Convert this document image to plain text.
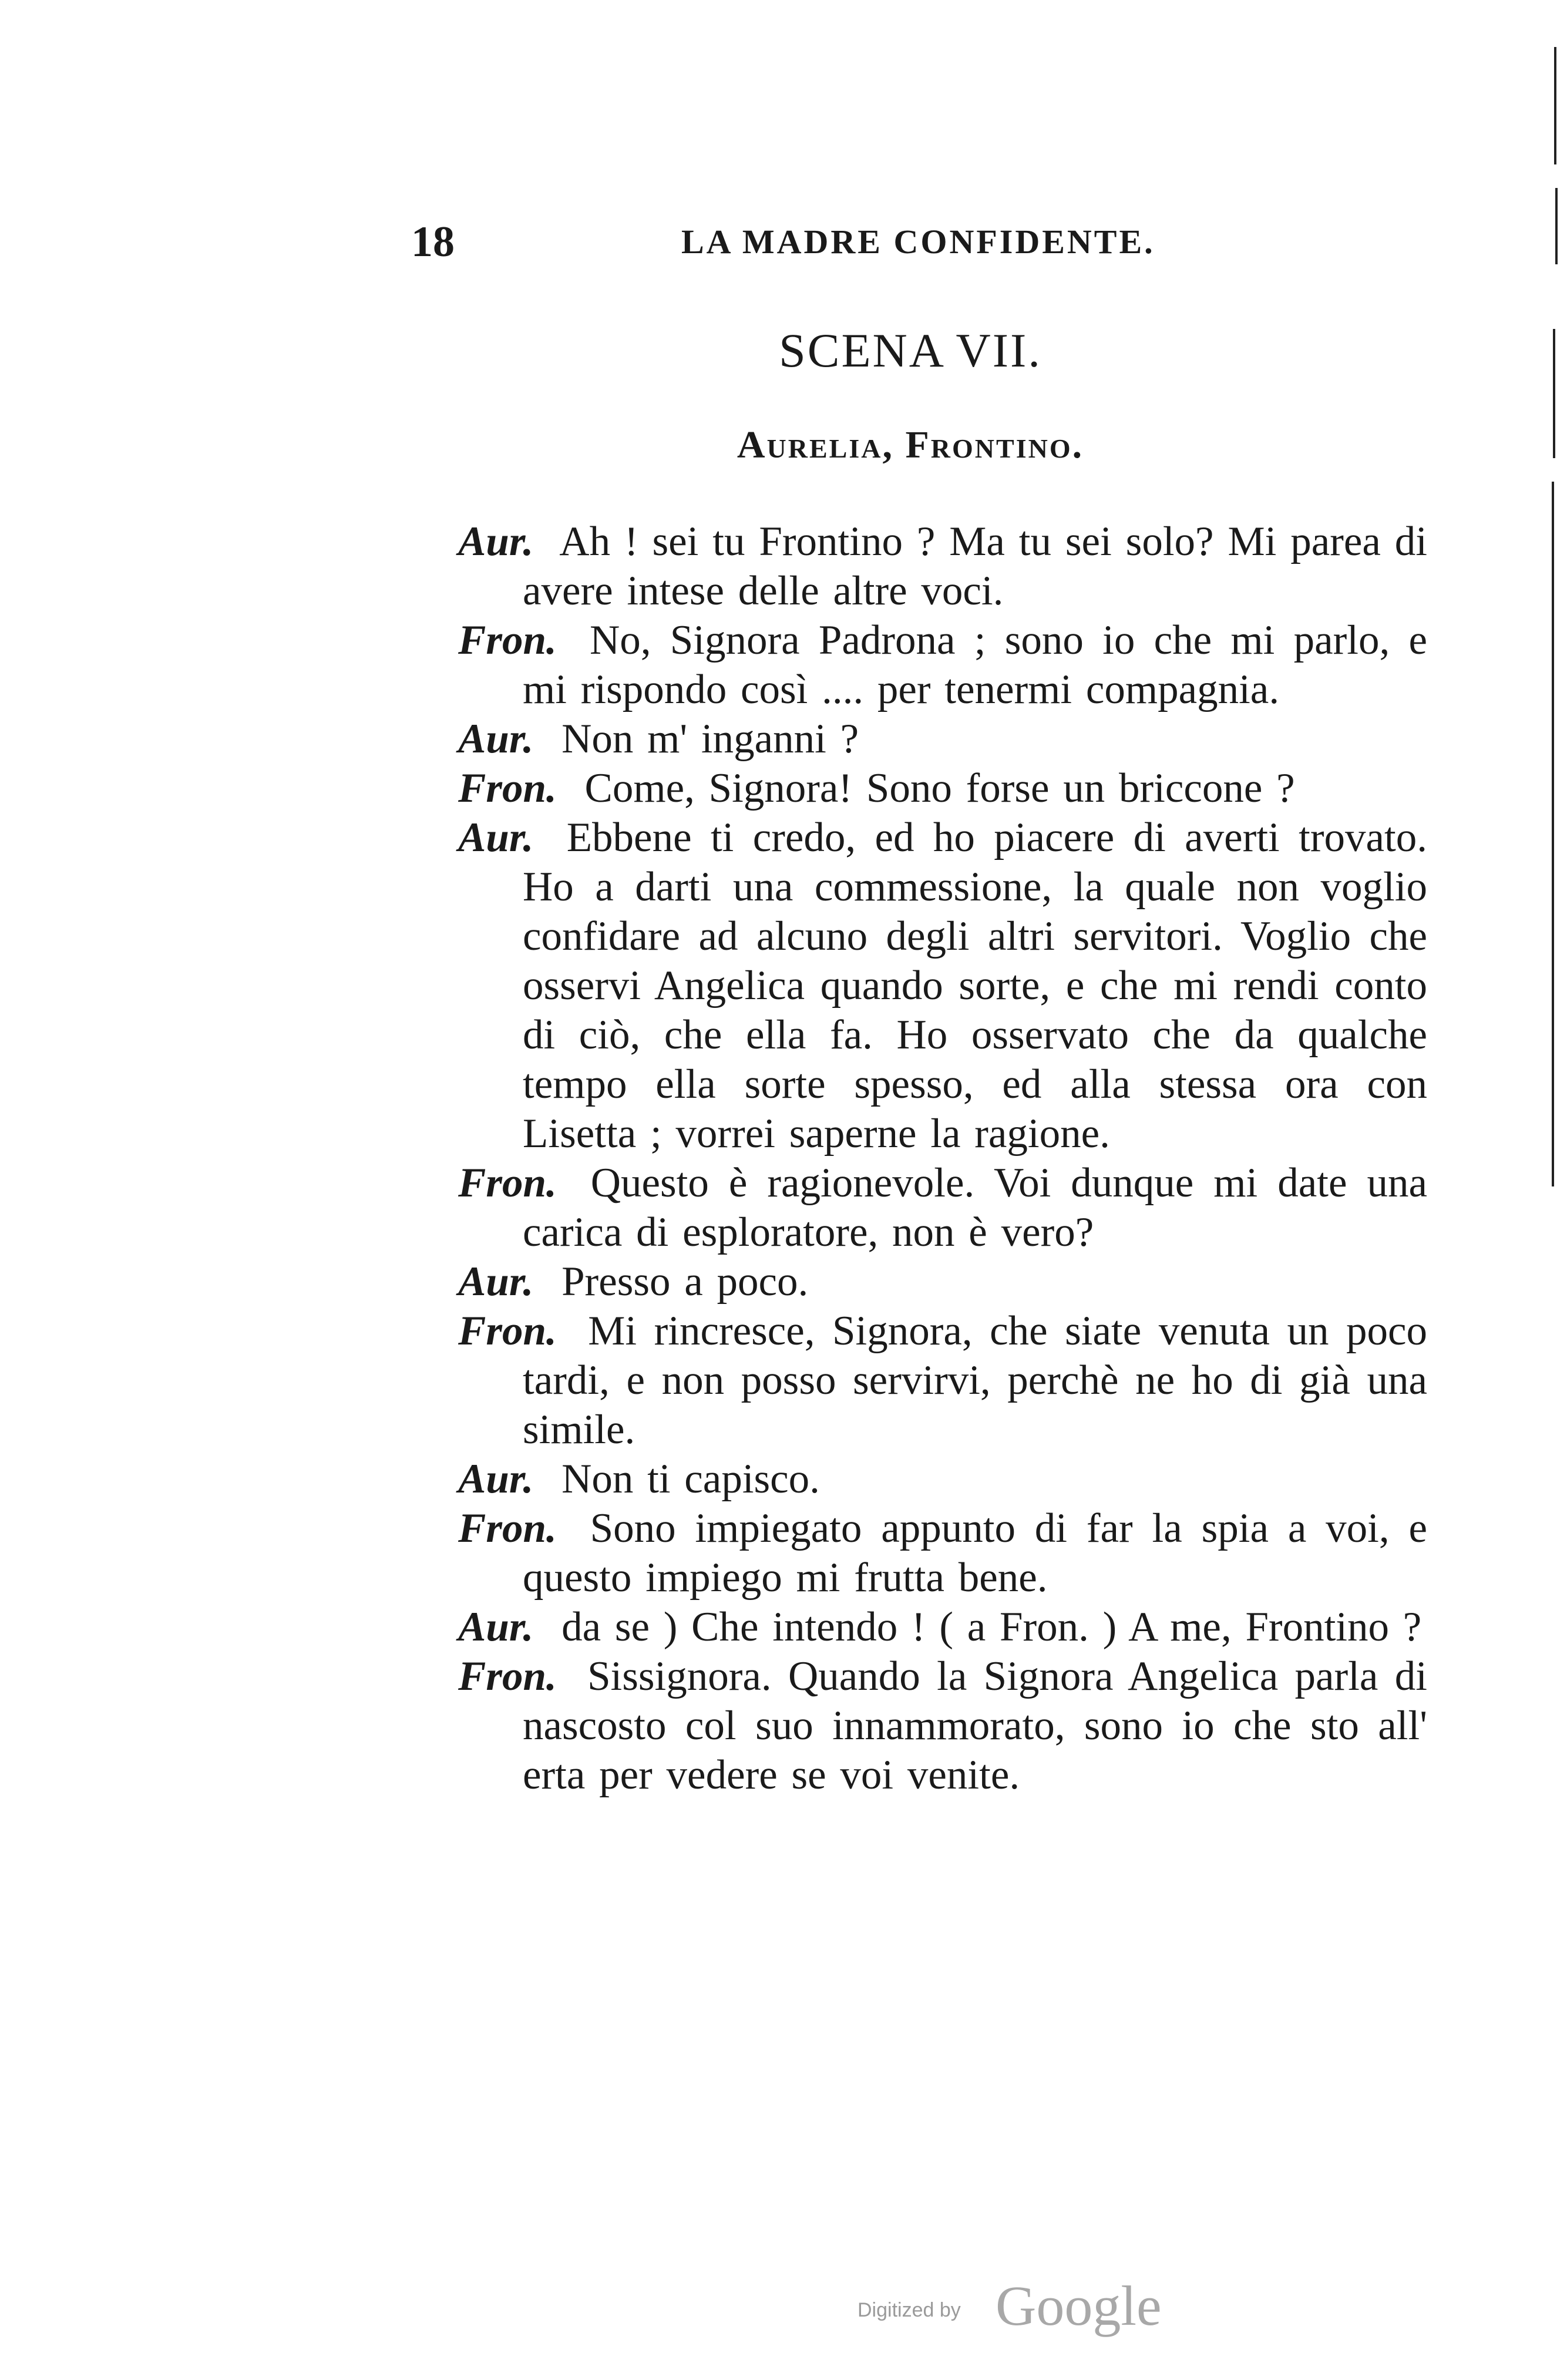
18	LA MADRE CONFIDENTE.
SCENA VII.
Aurelia, Frontino.

Aur. Ah ! sei tu Frontino ? Ma tu sei solo? Mi parea di avere intese delle altre voci.

Fron. No, Signora Padrona ; sono io che mi parlo, e mi rispondo così .... per tenermi compagnia.

Aur. Non m' inganni ?

Fron. Come, Signora! Sono forse un briccone ?

Aur. Ebbene ti credo, ed ho piacere di averti trovato. Ho a darti una commessione, la quale non voglio confidare ad alcuno degli altri servitori. Voglio che osservi Angelica quando sorte, e che mi rendi conto di ciò, che ella fa. Ho osservato che da qualche tempo ella sorte spesso, ed alla stessa ora con Lisetta ; vorrei saperne la ragione.

Fron. Questo è ragionevole. Voi dunque mi date una carica di esploratore, non è vero?

Aur. Presso a poco.

Fron. Mi rincresce, Signora, che siate venuta un poco tardi, e non posso servirvi, perchè ne ho di già una simile.

Aur. Non ti capisco.

Fron. Sono impiegato appunto di far la spia a voi, e questo impiego mi frutta bene.

Aur. da se ) Che intendo ! ( a Fron. ) A me, Frontino ?

Fron. Sissignora. Quando la Signora Angelica parla di nascosto col suo innammorato, sono io che sto all' erta per vedere se voi venite.

Digitized by Google
